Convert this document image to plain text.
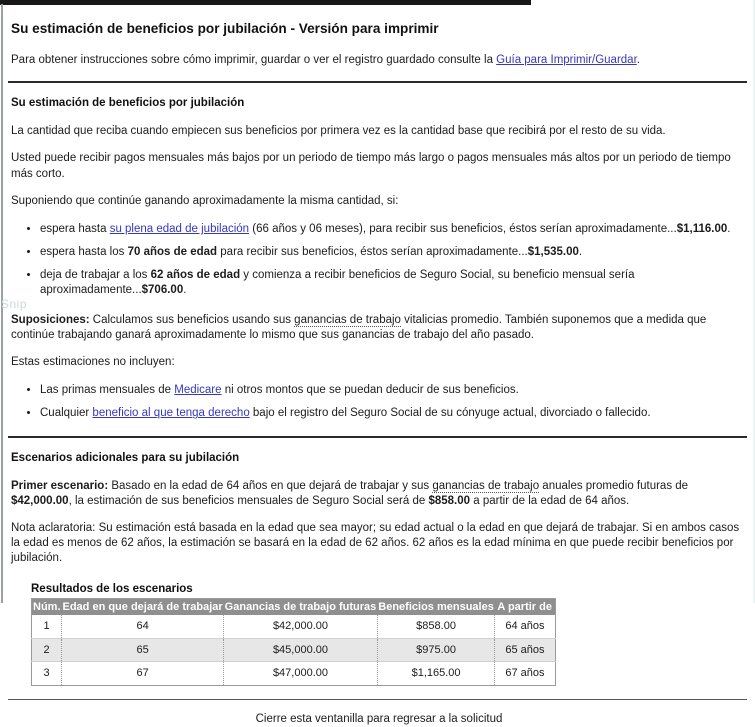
Snip
Su estimación de beneficios por jubilación - Versión para imprimir

Para obtener instrucciones sobre cómo imprimir, guardar o ver el registro guardado consulte la Guía para Imprimir/Guardar.

Su estimación de beneficios por jubilación

La cantidad que reciba cuando empiecen sus beneficios por primera vez es la cantidad base que recibirá por el resto de su vida.

Usted puede recibir pagos mensuales más bajos por un periodo de tiempo más largo o pagos mensuales más altos por un periodo de tiempo más corto.

Suponiendo que continúe ganando aproximadamente la misma cantidad, si:

• espera hasta su plena edad de jubilación (66 años y 06 meses), para recibir sus beneficios, éstos serían aproximadamente...$1,116.00.
• espera hasta los 70 años de edad para recibir sus beneficios, éstos serían aproximadamente...$1,535.00.
• deja de trabajar a los 62 años de edad y comienza a recibir beneficios de Seguro Social, su beneficio mensual sería aproximadamente...$706.00.

Suposiciones: Calculamos sus beneficios usando sus ganancias de trabajo vitalicias promedio. También suponemos que a medida que continúe trabajando ganará aproximadamente lo mismo que sus ganancias de trabajo del año pasado.

Estas estimaciones no incluyen:

• Las primas mensuales de Medicare ni otros montos que se puedan deducir de sus beneficios.
• Cualquier beneficio al que tenga derecho bajo el registro del Seguro Social de su cónyuge actual, divorciado o fallecido.
Escenarios adicionales para su jubilación

Primer escenario: Basado en la edad de 64 años en que dejará de trabajar y sus ganancias de trabajo anuales promedio futuras de $42,000.00, la estimación de sus beneficios mensuales de Seguro Social será de $858.00 a partir de la edad de 64 años.

Nota aclaratoria: Su estimación está basada en la edad que sea mayor; su edad actual o la edad en que dejará de trabajar. Si en ambos casos la edad es menos de 62 años, la estimación se basará en la edad de 62 años. 62 años es la edad mínima en que puede recibir beneficios por jubilación.

Resultados de los escenarios
Núm.	Edad en que dejará de trabajar	Ganancias de trabajo futuras	Beneficios mensuales	A partir de
1	64	$42,000.00	$858.00	64 años
2	65	$45,000.00	$975.00	65 años
3	67	$47,000.00	$1,165.00	67 años

Cierre esta ventanilla para regresar a la solicitud
